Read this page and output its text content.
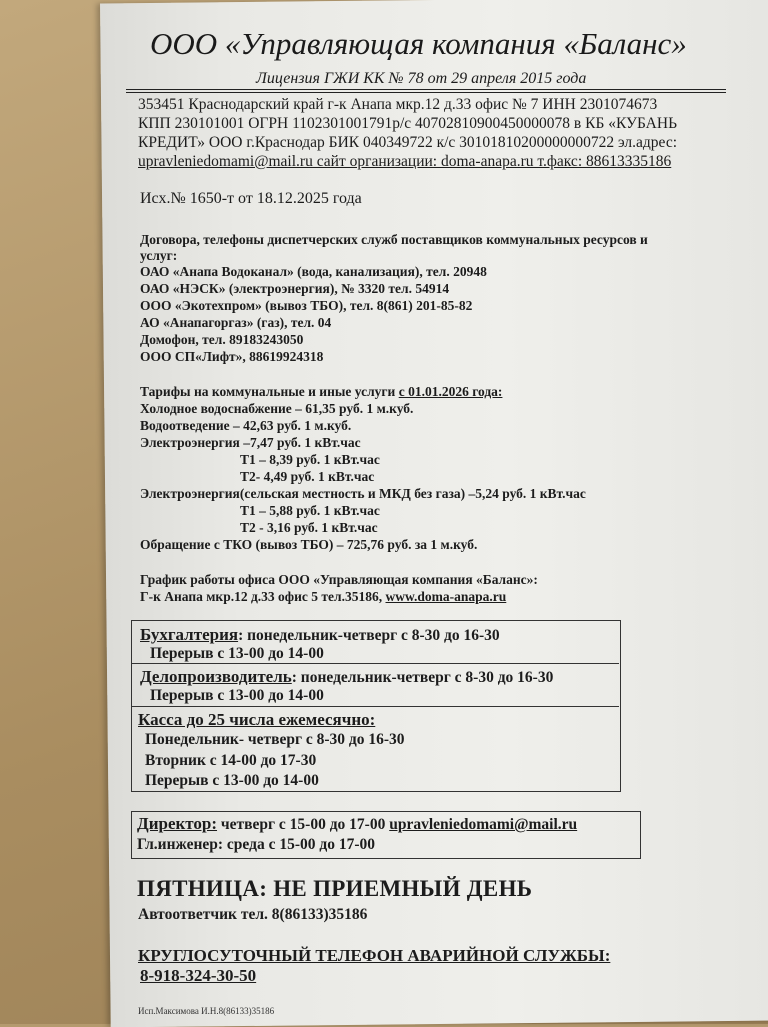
ООО «Управляющая компания «Баланс»
Лицензия ГЖИ КК № 78 от 29 апреля 2015 года
353451 Краснодарский край г-к Анапа мкр.12 д.33 офис № 7 ИНН 2301074673
КПП 230101001 ОГРН 1102301001791р/с 40702810900450000078 в КБ «КУБАНЬ
КРЕДИТ» ООО г.Краснодар БИК 040349722 к/с 30101810200000000722 эл.адрес:
upravleniedomami@mail.ru сайт организации: doma-anapa.ru т.факс: 88613335186
Исх.№ 1650-т от 18.12.2025 года
Договора, телефоны диспетчерских служб поставщиков коммунальных ресурсов и
услуг:
ОАО «Анапа Водоканал» (вода, канализация), тел. 20948
ОАО «НЭСК» (электроэнергия), № 3320 тел. 54914
ООО «Экотехпром» (вывоз ТБО), тел. 8(861) 201-85-82
АО «Анапагоргаз» (газ), тел. 04
Домофон, тел. 89183243050
ООО СП«Лифт», 88619924318
Тарифы на коммунальные и иные услуги с 01.01.2026 года:
Холодное водоснабжение – 61,35 руб. 1 м.куб.
Водоотведение – 42,63 руб. 1 м.куб.
Электроэнергия –7,47 руб. 1 кВт.час
Т1 – 8,39 руб. 1 кВт.час
Т2- 4,49 руб. 1 кВт.час
Электроэнергия(сельская местность и МКД без газа) –5,24 руб. 1 кВт.час
Т1 – 5,88 руб. 1 кВт.час
Т2 - 3,16 руб. 1 кВт.час
Обращение с ТКО (вывоз ТБО) – 725,76 руб. за 1 м.куб.
График работы офиса ООО «Управляющая компания «Баланс»:
Г-к Анапа мкр.12 д.33 офис 5 тел.35186, www.doma-anapa.ru
Бухгалтерия: понедельник-четверг с 8-30 до 16-30
Перерыв с 13-00 до 14-00
Делопроизводитель: понедельник-четверг с 8-30 до 16-30
Перерыв с 13-00 до 14-00
Касса до 25 числа ежемесячно:
Понедельник- четверг с 8-30 до 16-30
Вторник с 14-00 до 17-30
Перерыв с 13-00 до 14-00
Директор: четверг с 15-00 до 17-00 upravleniedomami@mail.ru
Гл.инженер: среда с 15-00 до 17-00
ПЯТНИЦА: НЕ ПРИЕМНЫЙ ДЕНЬ
Автоответчик тел. 8(86133)35186
КРУГЛОСУТОЧНЫЙ ТЕЛЕФОН АВАРИЙНОЙ СЛУЖБЫ:
8-918-324-30-50
Исп.Максимова И.Н.8(86133)35186
